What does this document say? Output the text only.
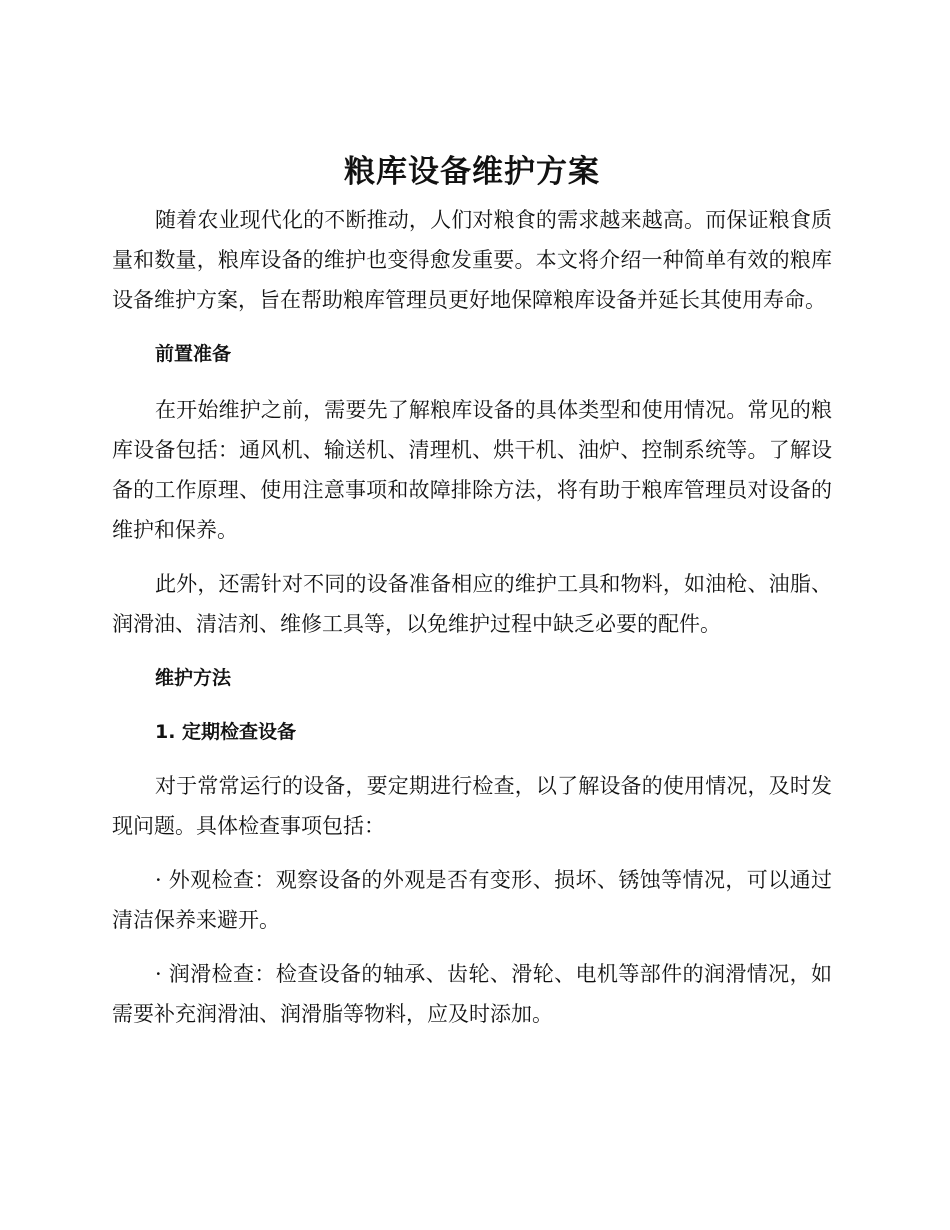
粮库设备维护方案

随着农业现代化的不断推动，人们对粮食的需求越来越高。而保证粮食质量和数量，粮库设备的维护也变得愈发重要。本文将介绍一种简单有效的粮库设备维护方案，旨在帮助粮库管理员更好地保障粮库设备并延长其使用寿命。

前置准备

在开始维护之前，需要先了解粮库设备的具体类型和使用情况。常见的粮库设备包括：通风机、输送机、清理机、烘干机、油炉、控制系统等。了解设备的工作原理、使用注意事项和故障排除方法，将有助于粮库管理员对设备的维护和保养。

此外，还需针对不同的设备准备相应的维护工具和物料，如油枪、油脂、润滑油、清洁剂、维修工具等，以免维护过程中缺乏必要的配件。

维护方法
1. 定期检查设备

对于常常运行的设备，要定期进行检查，以了解设备的使用情况，及时发现问题。具体检查事项包括：

· 外观检查：观察设备的外观是否有变形、损坏、锈蚀等情况，可以通过清洁保养来避开。

· 润滑检查：检查设备的轴承、齿轮、滑轮、电机等部件的润滑情况，如需要补充润滑油、润滑脂等物料，应及时添加。
